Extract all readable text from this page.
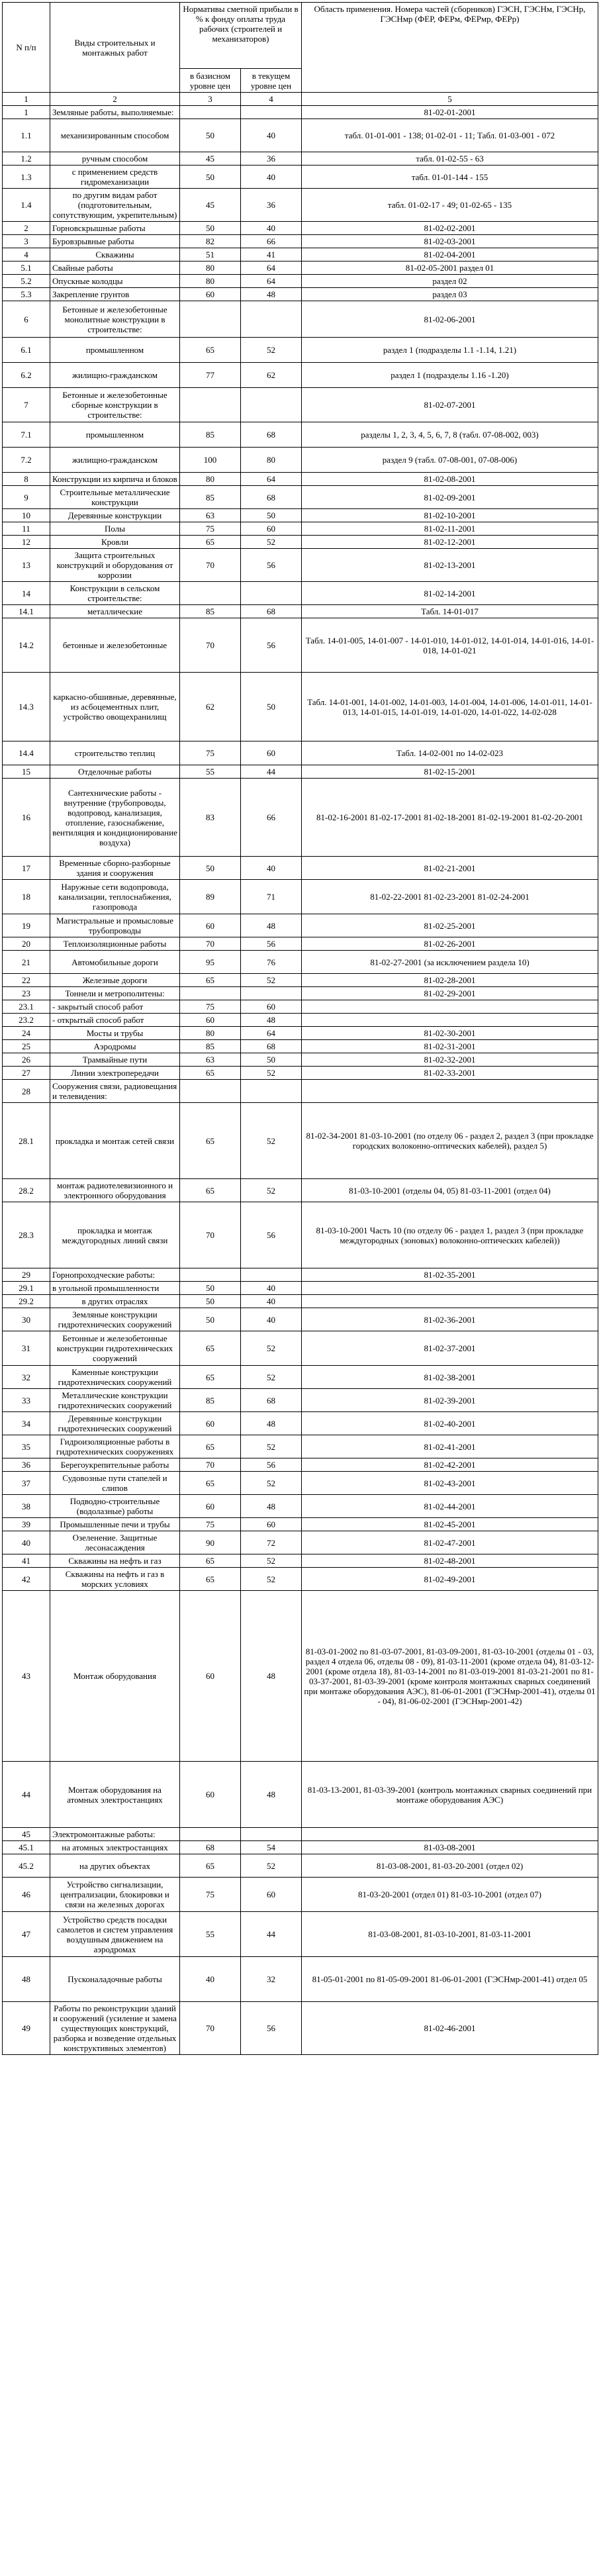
N п/п	Виды строительных и монтажных работ	Нормативы сметной прибыли в % к фонду оплаты труда рабочих (строителей и механизаторов)		Область применения. Номера частей (сборников) ГЭСН, ГЭСНм, ГЭСНр, ГЭСНмр (ФЕР, ФЕРм, ФЕРмр, ФЕРр)
		в базисном уровне цен	в текущем уровне цен	
1	2	3	4	5
1	Земляные работы, выполняемые:			81-02-01-2001
1.1	механизированным способом	50	40	табл. 01-01-001 - 138; 01-02-01 - 11; Табл. 01-03-001 - 072
1.2	ручным способом	45	36	табл. 01-02-55 - 63
1.3	с применением средств гидромеханизации	50	40	табл. 01-01-144 - 155
1.4	по другим видам работ (подготовительным, сопутствующим, укрепительным)	45	36	табл. 01-02-17 - 49; 01-02-65 - 135
2	Горновскрышные работы	50	40	81-02-02-2001
3	Буровзрывные работы	82	66	81-02-03-2001
4	Скважины	51	41	81-02-04-2001
5.1	Свайные работы	80	64	81-02-05-2001 раздел 01
5.2	Опускные колодцы	80	64	раздел 02
5.3	Закрепление грунтов	60	48	раздел 03
6	Бетонные и железобетонные монолитные конструкции в строительстве:			81-02-06-2001
6.1	промышленном	65	52	раздел 1 (подразделы 1.1 -1.14, 1.21)
6.2	жилищно-гражданском	77	62	раздел 1 (подразделы 1.16 -1.20)
7	Бетонные и железобетонные сборные конструкции в строительстве:			81-02-07-2001
7.1	промышленном	85	68	разделы 1, 2, 3, 4, 5, 6, 7, 8 (табл. 07-08-002, 003)
7.2	жилищно-гражданском	100	80	раздел 9 (табл. 07-08-001, 07-08-006)
8	Конструкции из кирпича и блоков	80	64	81-02-08-2001
9	Строительные металлические конструкции	85	68	81-02-09-2001
10	Деревянные конструкции	63	50	81-02-10-2001
11	Полы	75	60	81-02-11-2001
12	Кровли	65	52	81-02-12-2001
13	Защита строительных конструкций и оборудования от коррозии	70	56	81-02-13-2001
14	Конструкции в сельском строительстве:			81-02-14-2001
14.1	металлические	85	68	Табл. 14-01-017
14.2	бетонные и железобетонные	70	56	Табл. 14-01-005, 14-01-007 - 14-01-010, 14-01-012, 14-01-014, 14-01-016, 14-01-018, 14-01-021
14.3	каркасно-обшивные, деревянные, из асбоцементных плит, устройство овощехранилищ	62	50	Табл. 14-01-001, 14-01-002, 14-01-003, 14-01-004, 14-01-006, 14-01-011, 14-01-013, 14-01-015, 14-01-019, 14-01-020, 14-01-022, 14-02-028
14.4	строительство теплиц	75	60	Табл. 14-02-001 по 14-02-023
15	Отделочные работы	55	44	81-02-15-2001
16	Сантехнические работы - внутренние (трубопроводы, водопровод, канализация, отопление, газоснабжение, вентиляция и кондиционирование воздуха)	83	66	81-02-16-2001 81-02-17-2001 81-02-18-2001 81-02-19-2001 81-02-20-2001
17	Временные сборно-разборные здания и сооружения	50	40	81-02-21-2001
18	Наружные сети водопровода, канализации, теплоснабжения, газопровода	89	71	81-02-22-2001 81-02-23-2001 81-02-24-2001
19	Магистральные и промысловые трубопроводы	60	48	81-02-25-2001
20	Теплоизоляционные работы	70	56	81-02-26-2001
21	Автомобильные дороги	95	76	81-02-27-2001 (за исключением раздела 10)
22	Железные дороги	65	52	81-02-28-2001
23	Тоннели и метрополитены:			81-02-29-2001
23.1	- закрытый способ работ	75	60	
23.2	- открытый способ работ	60	48	
24	Мосты и трубы	80	64	81-02-30-2001
25	Аэродромы	85	68	81-02-31-2001
26	Трамвайные пути	63	50	81-02-32-2001
27	Линии электропередачи	65	52	81-02-33-2001
28	Сооружения связи, радиовещания и телевидения:			
28.1	прокладка и монтаж сетей связи	65	52	81-02-34-2001 81-03-10-2001 (по отделу 06 - раздел 2, раздел 3 (при прокладке городских волоконно-оптических кабелей), раздел 5)
28.2	монтаж радиотелевизионного и электронного оборудования	65	52	81-03-10-2001 (отделы 04, 05) 81-03-11-2001 (отдел 04)
28.3	прокладка и монтаж междугородных линий связи	70	56	81-03-10-2001 Часть 10 (по отделу 06 - раздел 1, раздел 3 (при прокладке междугородных (зоновых) волоконно-оптических кабелей))
29	Горнопроходческие работы:			81-02-35-2001
29.1	в угольной промышленности	50	40	
29.2	в других отраслях	50	40	
30	Земляные конструкции гидротехнических сооружений	50	40	81-02-36-2001
31	Бетонные и железобетонные конструкции гидротехнических сооружений	65	52	81-02-37-2001
32	Каменные конструкции гидротехнических сооружений	65	52	81-02-38-2001
33	Металлические конструкции гидротехнических сооружений	85	68	81-02-39-2001
34	Деревянные конструкции гидротехнических сооружений	60	48	81-02-40-2001
35	Гидроизоляционные работы в гидротехнических сооружениях	65	52	81-02-41-2001
36	Берегоукрепительные работы	70	56	81-02-42-2001
37	Судовозные пути стапелей и слипов	65	52	81-02-43-2001
38	Подводно-строительные (водолазные) работы	60	48	81-02-44-2001
39	Промышленные печи и трубы	75	60	81-02-45-2001
40	Озеленение. Защитные лесонасаждения	90	72	81-02-47-2001
41	Скважины на нефть и газ	65	52	81-02-48-2001
42	Скважины на нефть и газ в морских условиях	65	52	81-02-49-2001
43	Монтаж оборудования	60	48	81-03-01-2002 по 81-03-07-2001, 81-03-09-2001, 81-03-10-2001 (отделы 01 - 03, раздел 4 отдела 06, отделы 08 - 09), 81-03-11-2001 (кроме отдела 04), 81-03-12-2001 (кроме отдела 18), 81-03-14-2001 по 81-03-019-2001 81-03-21-2001 по 81-03-37-2001, 81-03-39-2001 (кроме контроля монтажных сварных соединений при монтаже оборудования АЭС), 81-06-01-2001 (ГЭСНмр-2001-41), отделы 01 - 04), 81-06-02-2001 (ГЭСНмр-2001-42)
44	Монтаж оборудования на атомных электростанциях	60	48	81-03-13-2001, 81-03-39-2001 (контроль монтажных сварных соединений при монтаже оборудования АЭС)
45	Электромонтажные работы:			
45.1	на атомных электростанциях	68	54	81-03-08-2001
45.2	на других объектах	65	52	81-03-08-2001, 81-03-20-2001 (отдел 02)
46	Устройство сигнализации, централизации, блокировки и связи на железных дорогах	75	60	81-03-20-2001 (отдел 01) 81-03-10-2001 (отдел 07)
47	Устройство средств посадки самолетов и систем управления воздушным движением на аэродромах	55	44	81-03-08-2001, 81-03-10-2001, 81-03-11-2001
48	Пусконаладочные работы	40	32	81-05-01-2001 по 81-05-09-2001 81-06-01-2001 (ГЭСНмр-2001-41) отдел 05
49	Работы по реконструкции зданий и сооружений (усиление и замена существующих конструкций, разборка и возведение отдельных конструктивных элементов)	70	56	81-02-46-2001
